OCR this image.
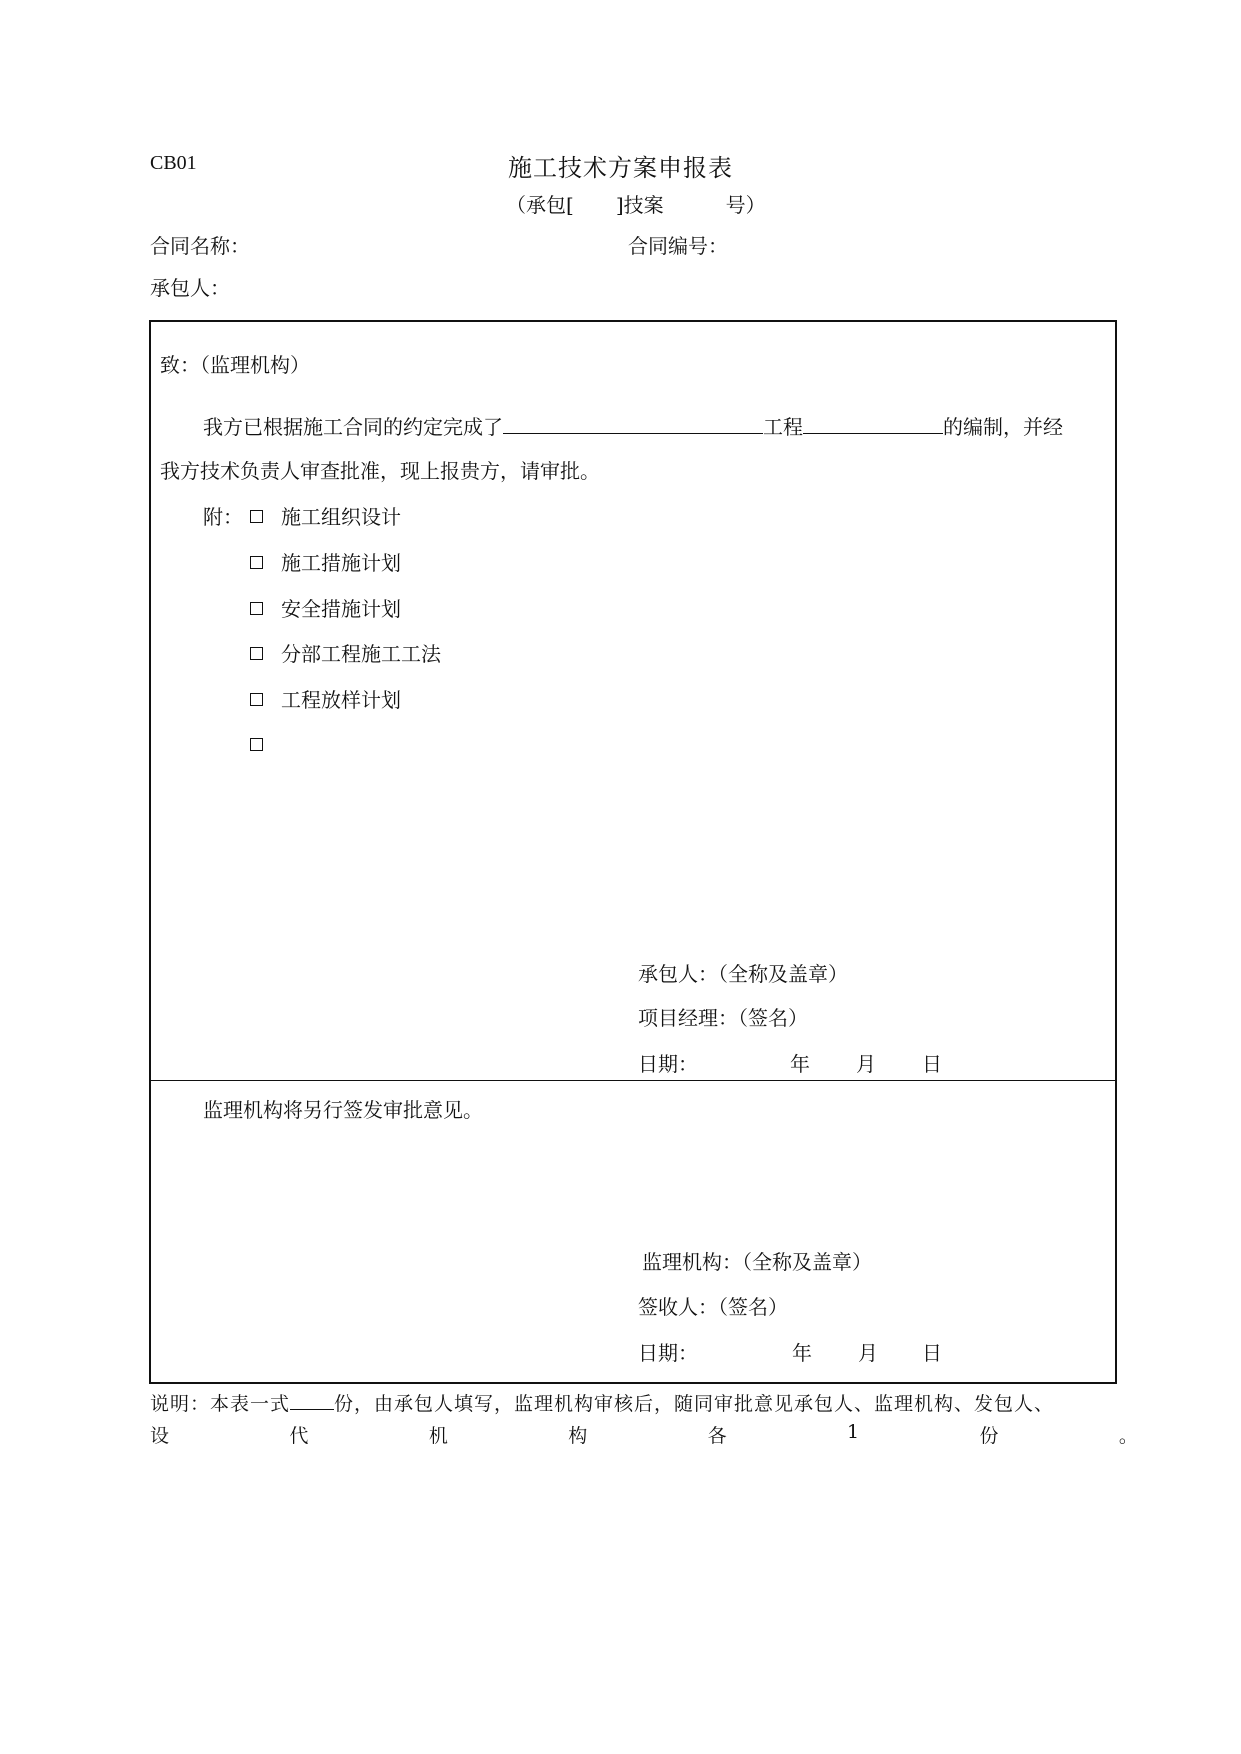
CB01	施工技术方案申报表
（承包[ ]技案	号）
合同名称：	合同编号：
承包人：
致：（监理机构）
我方已根据施工合同的约定完成了	工程	的编制，并经
我方技术负责人审查批准，现上报贵方，请审批。
附：	施工组织设计
施工措施计划
安全措施计划
分部工程施工工法
工程放样计划
承包人：（全称及盖章）
项目经理：（签名）
日期：	年 月 日
监理机构将另行签发审批意见。
监理机构：（全称及盖章）
签收人：（签名）
日期：	年 月 日
说明：本表一式 份，由承包人填写，监理机构审核后，随同审批意见承包人、监理机构、发包人、
设	代	机	构	各	1	份	。
